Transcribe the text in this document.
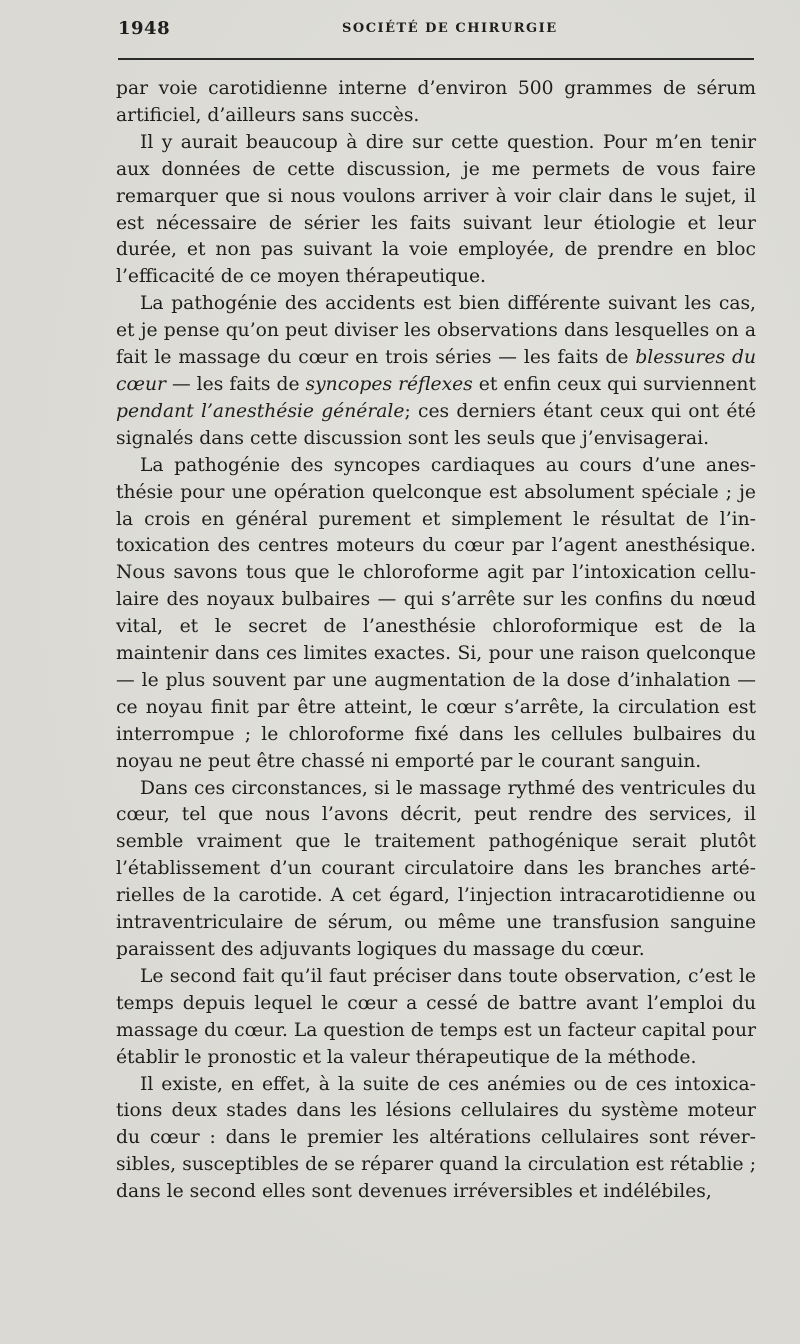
1948	SOCIÉTÉ DE CHIRURGIE

par voie carotidienne interne d’environ 500 grammes de sérum artificiel, d’ailleurs sans succès.

Il y aurait beaucoup à dire sur cette question. Pour m’en tenir aux données de cette discussion, je me permets de vous faire remarquer que si nous voulons arriver à voir clair dans le sujet, il est nécessaire de sérier les faits suivant leur étiologie et leur durée, et non pas suivant la voie employée, de prendre en bloc l’efficacité de ce moyen thérapeutique.

La pathogénie des accidents est bien différente suivant les cas, et je pense qu’on peut diviser les observations dans lesquelles on a fait le massage du cœur en trois séries — les faits de blessures du cœur — les faits de syncopes réflexes et enfin ceux qui surviennent pendant l’anesthésie générale; ces derniers étant ceux qui ont été signalés dans cette discussion sont les seuls que j’envisagerai.

La pathogénie des syncopes cardiaques au cours d’une anesthésie pour une opération quelconque est absolument spéciale ; je la crois en général purement et simplement le résultat de l’intoxication des centres moteurs du cœur par l’agent anesthésique. Nous savons tous que le chloroforme agit par l’intoxication cellulaire des noyaux bulbaires — qui s’arrête sur les confins du nœud vital, et le secret de l’anesthésie chloroformique est de la maintenir dans ces limites exactes. Si, pour une raison quelconque — le plus souvent par une augmentation de la dose d’inhalation — ce noyau finit par être atteint, le cœur s’arrête, la circulation est interrompue ; le chloroforme fixé dans les cellules bulbaires du noyau ne peut être chassé ni emporté par le courant sanguin.

Dans ces circonstances, si le massage rythmé des ventricules du cœur, tel que nous l’avons décrit, peut rendre des services, il semble vraiment que le traitement pathogénique serait plutôt l’établissement d’un courant circulatoire dans les branches artérielles de la carotide. A cet égard, l’injection intracarotidienne ou intraventriculaire de sérum, ou même une transfusion sanguine paraissent des adjuvants logiques du massage du cœur.

Le second fait qu’il faut préciser dans toute observation, c’est le temps depuis lequel le cœur a cessé de battre avant l’emploi du massage du cœur. La question de temps est un facteur capital pour établir le pronostic et la valeur thérapeutique de la méthode.

Il existe, en effet, à la suite de ces anémies ou de ces intoxications deux stades dans les lésions cellulaires du système moteur du cœur : dans le premier les altérations cellulaires sont réversibles, susceptibles de se réparer quand la circulation est rétablie ; dans le second elles sont devenues irréversibles et indélébiles,
